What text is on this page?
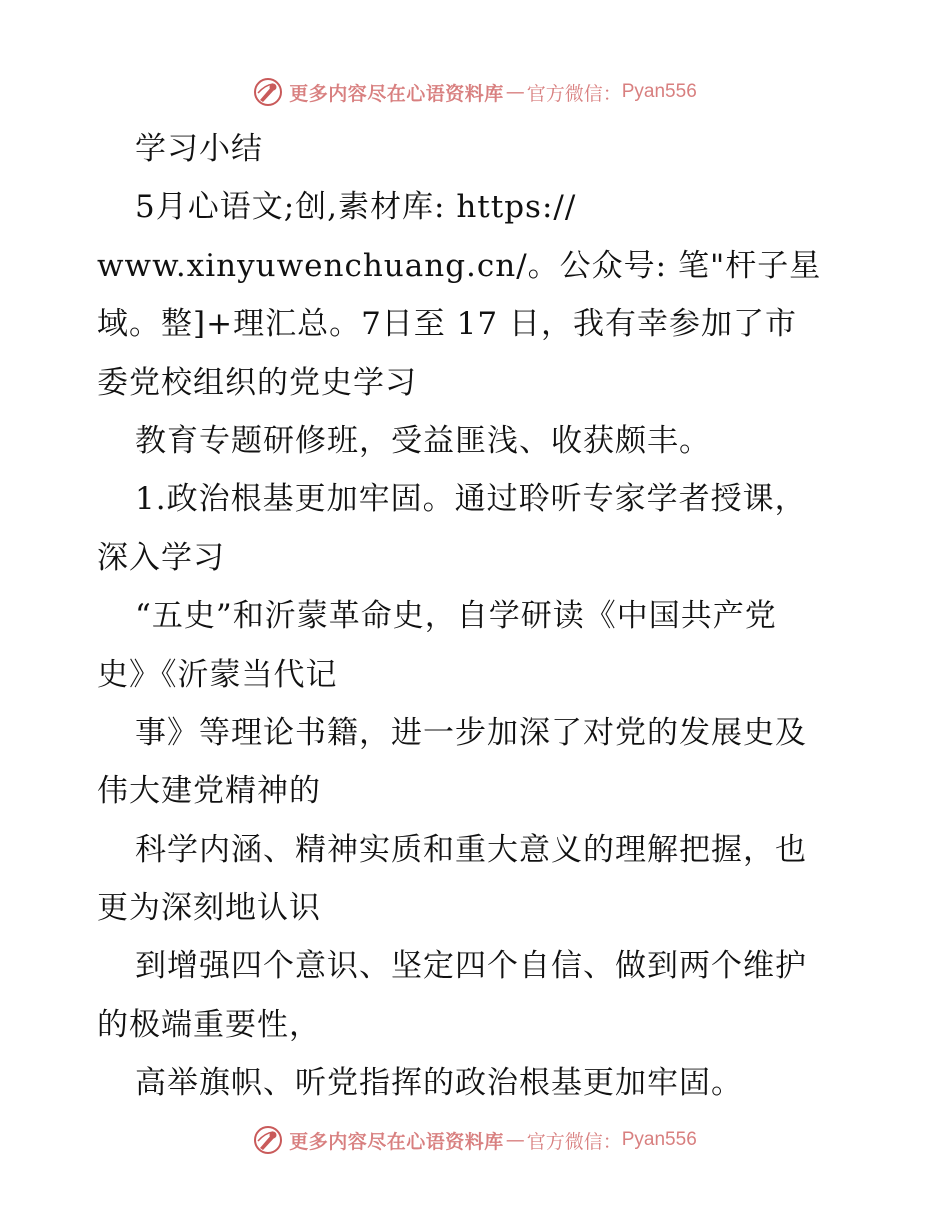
更多内容尽在心语资料库 — 官方微信： Pyan556
学习小结
5月心语文;创,素材库: https://
www.xinyuwenchuang.cn/。公众号: 笔"杆子星
域。整]+理汇总。7日至 17 日，我有幸参加了市
委党校组织的党史学习
教育专题研修班，受益匪浅、收获颇丰。
1.政治根基更加牢固。通过聆听专家学者授课，
深入学习
“五史”和沂蒙革命史，自学研读《中国共产党
史》《沂蒙当代记
事》等理论书籍，进一步加深了对党的发展史及
伟大建党精神的
科学内涵、精神实质和重大意义的理解把握，也
更为深刻地认识
到增强四个意识、坚定四个自信、做到两个维护
的极端重要性，
高举旗帜、听党指挥的政治根基更加牢固。
更多内容尽在心语资料库 — 官方微信： Pyan556
